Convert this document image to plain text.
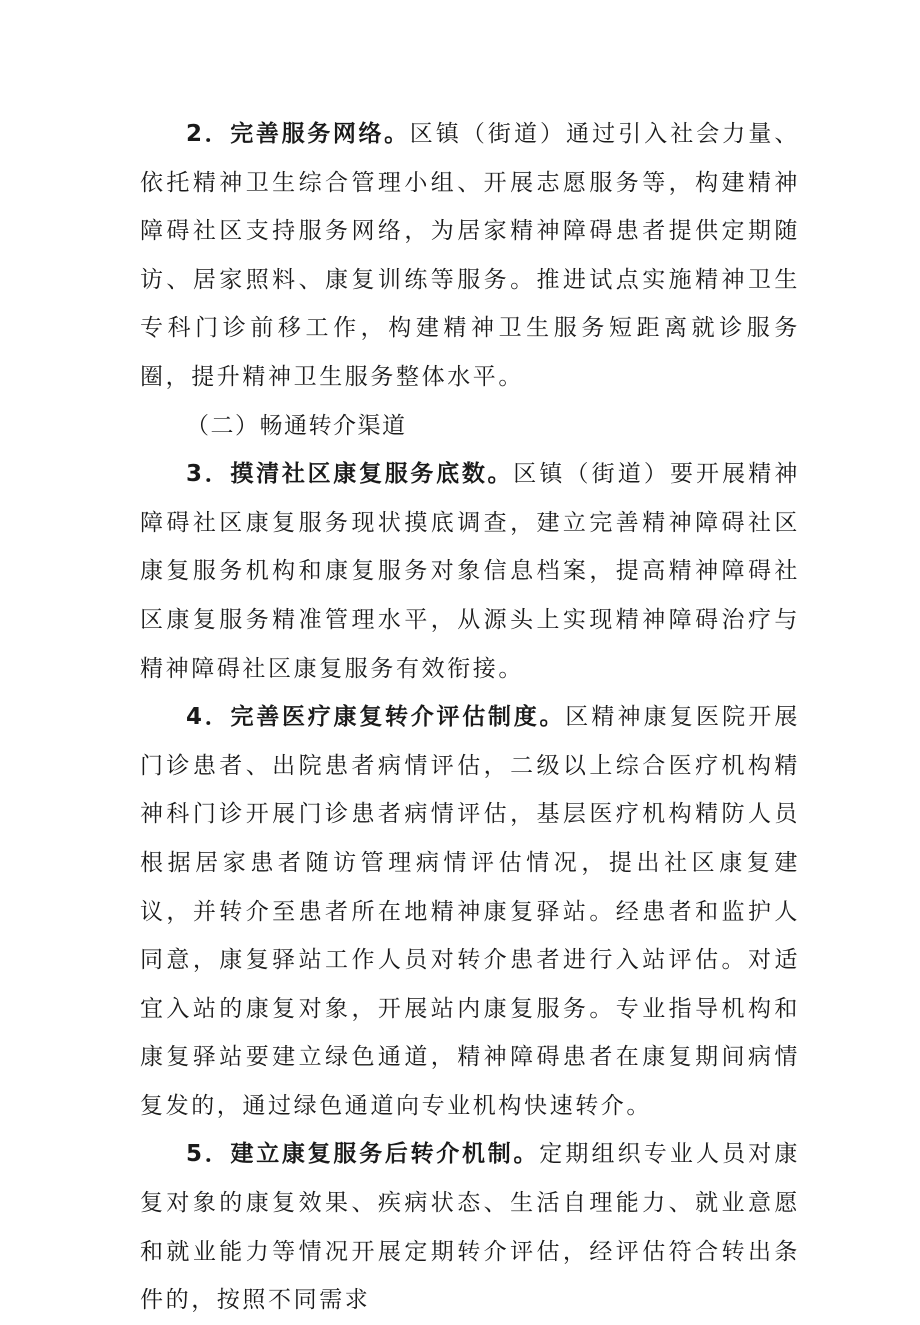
2．完善服务网络。区镇（街道）通过引入社会力量、依托精神卫生综合管理小组、开展志愿服务等，构建精神障碍社区支持服务网络，为居家精神障碍患者提供定期随访、居家照料、康复训练等服务。推进试点实施精神卫生专科门诊前移工作，构建精神卫生服务短距离就诊服务圈，提升精神卫生服务整体水平。

（二）畅通转介渠道

3．摸清社区康复服务底数。区镇（街道）要开展精神障碍社区康复服务现状摸底调查，建立完善精神障碍社区康复服务机构和康复服务对象信息档案，提高精神障碍社区康复服务精准管理水平，从源头上实现精神障碍治疗与精神障碍社区康复服务有效衔接。

4．完善医疗康复转介评估制度。区精神康复医院开展门诊患者、出院患者病情评估，二级以上综合医疗机构精神科门诊开展门诊患者病情评估，基层医疗机构精防人员根据居家患者随访管理病情评估情况，提出社区康复建议，并转介至患者所在地精神康复驿站。经患者和监护人同意，康复驿站工作人员对转介患者进行入站评估。对适宜入站的康复对象，开展站内康复服务。专业指导机构和康复驿站要建立绿色通道，精神障碍患者在康复期间病情复发的，通过绿色通道向专业机构快速转介。

5．建立康复服务后转介机制。定期组织专业人员对康复对象的康复效果、疾病状态、生活自理能力、就业意愿和就业能力等情况开展定期转介评估，经评估符合转出条件的，按照不同需求
